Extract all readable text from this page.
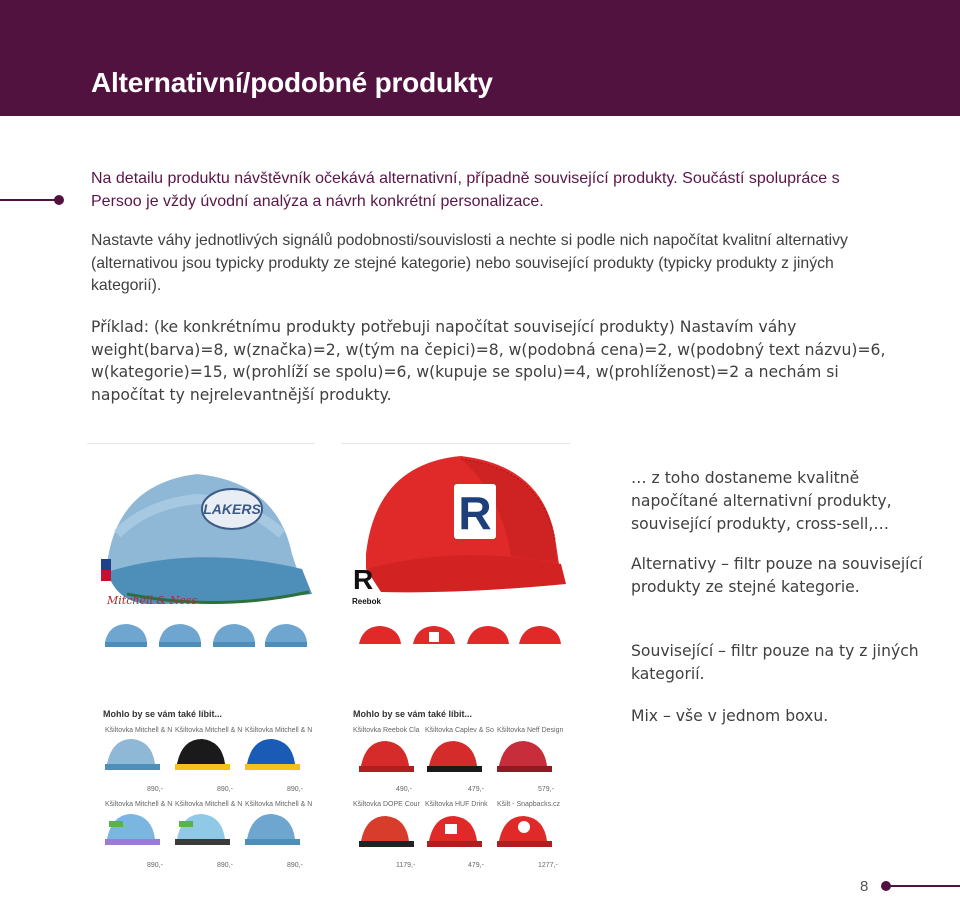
Alternativní/podobné produkty
Na detailu produktu návštěvník očekává alternativní, případně související produkty. Součástí spolupráce s Persoo je vždy úvodní analýza a návrh konkrétní personalizace.
Nastavte váhy jednotlivých signálů podobnosti/souvislosti a nechte si podle nich napočítat kvalitní alternativy (alternativou jsou typicky produkty ze stejné kategorie) nebo související produkty (typicky produkty z jiných kategorií).
Příklad: (ke konkrétnímu produkty potřebuji napočítat související produkty) Nastavím váhy weight(barva)=8, w(značka)=2, w(tým na čepici)=8, w(podobná cena)=2, w(podobný text názvu)=6, w(kategorie)=15, w(prohlíží se spolu)=6, w(kupuje se spolu)=4, w(prohlíženost)=2 a nechám si napočítat ty nejrelevantnější produkty.
LAKERS
Mitchell & Ness
Mohlo by se vám také líbit...
Kšiltovka Mitchell & N Kšiltovka Mitchell & N Kšiltovka Mitchell & N
890,-	890,-	890,-
Kšiltovka Mitchell & N Kšiltovka Mitchell & N Kšiltovka Mitchell & N
890,-	890,-	890,-
R
R
Reebok
Mohlo by se vám také líbit...
Kšiltovka Reebok Cla Kšiltovka Caplev & So Kšiltovka Neff Design
490,-	479,-	579,-
Kšiltovka DOPE Cour Kšiltovka HUF Drink Kšilt - Snapbacks.cz
1179,-	479,-	1277,-
… z toho dostaneme kvalitně napočítané alternativní produkty, související produkty, cross-sell,…
Alternativy – filtr pouze na související produkty ze stejné kategorie.
Související – filtr pouze na ty z jiných kategorií.
Mix – vše v jednom boxu.
8
